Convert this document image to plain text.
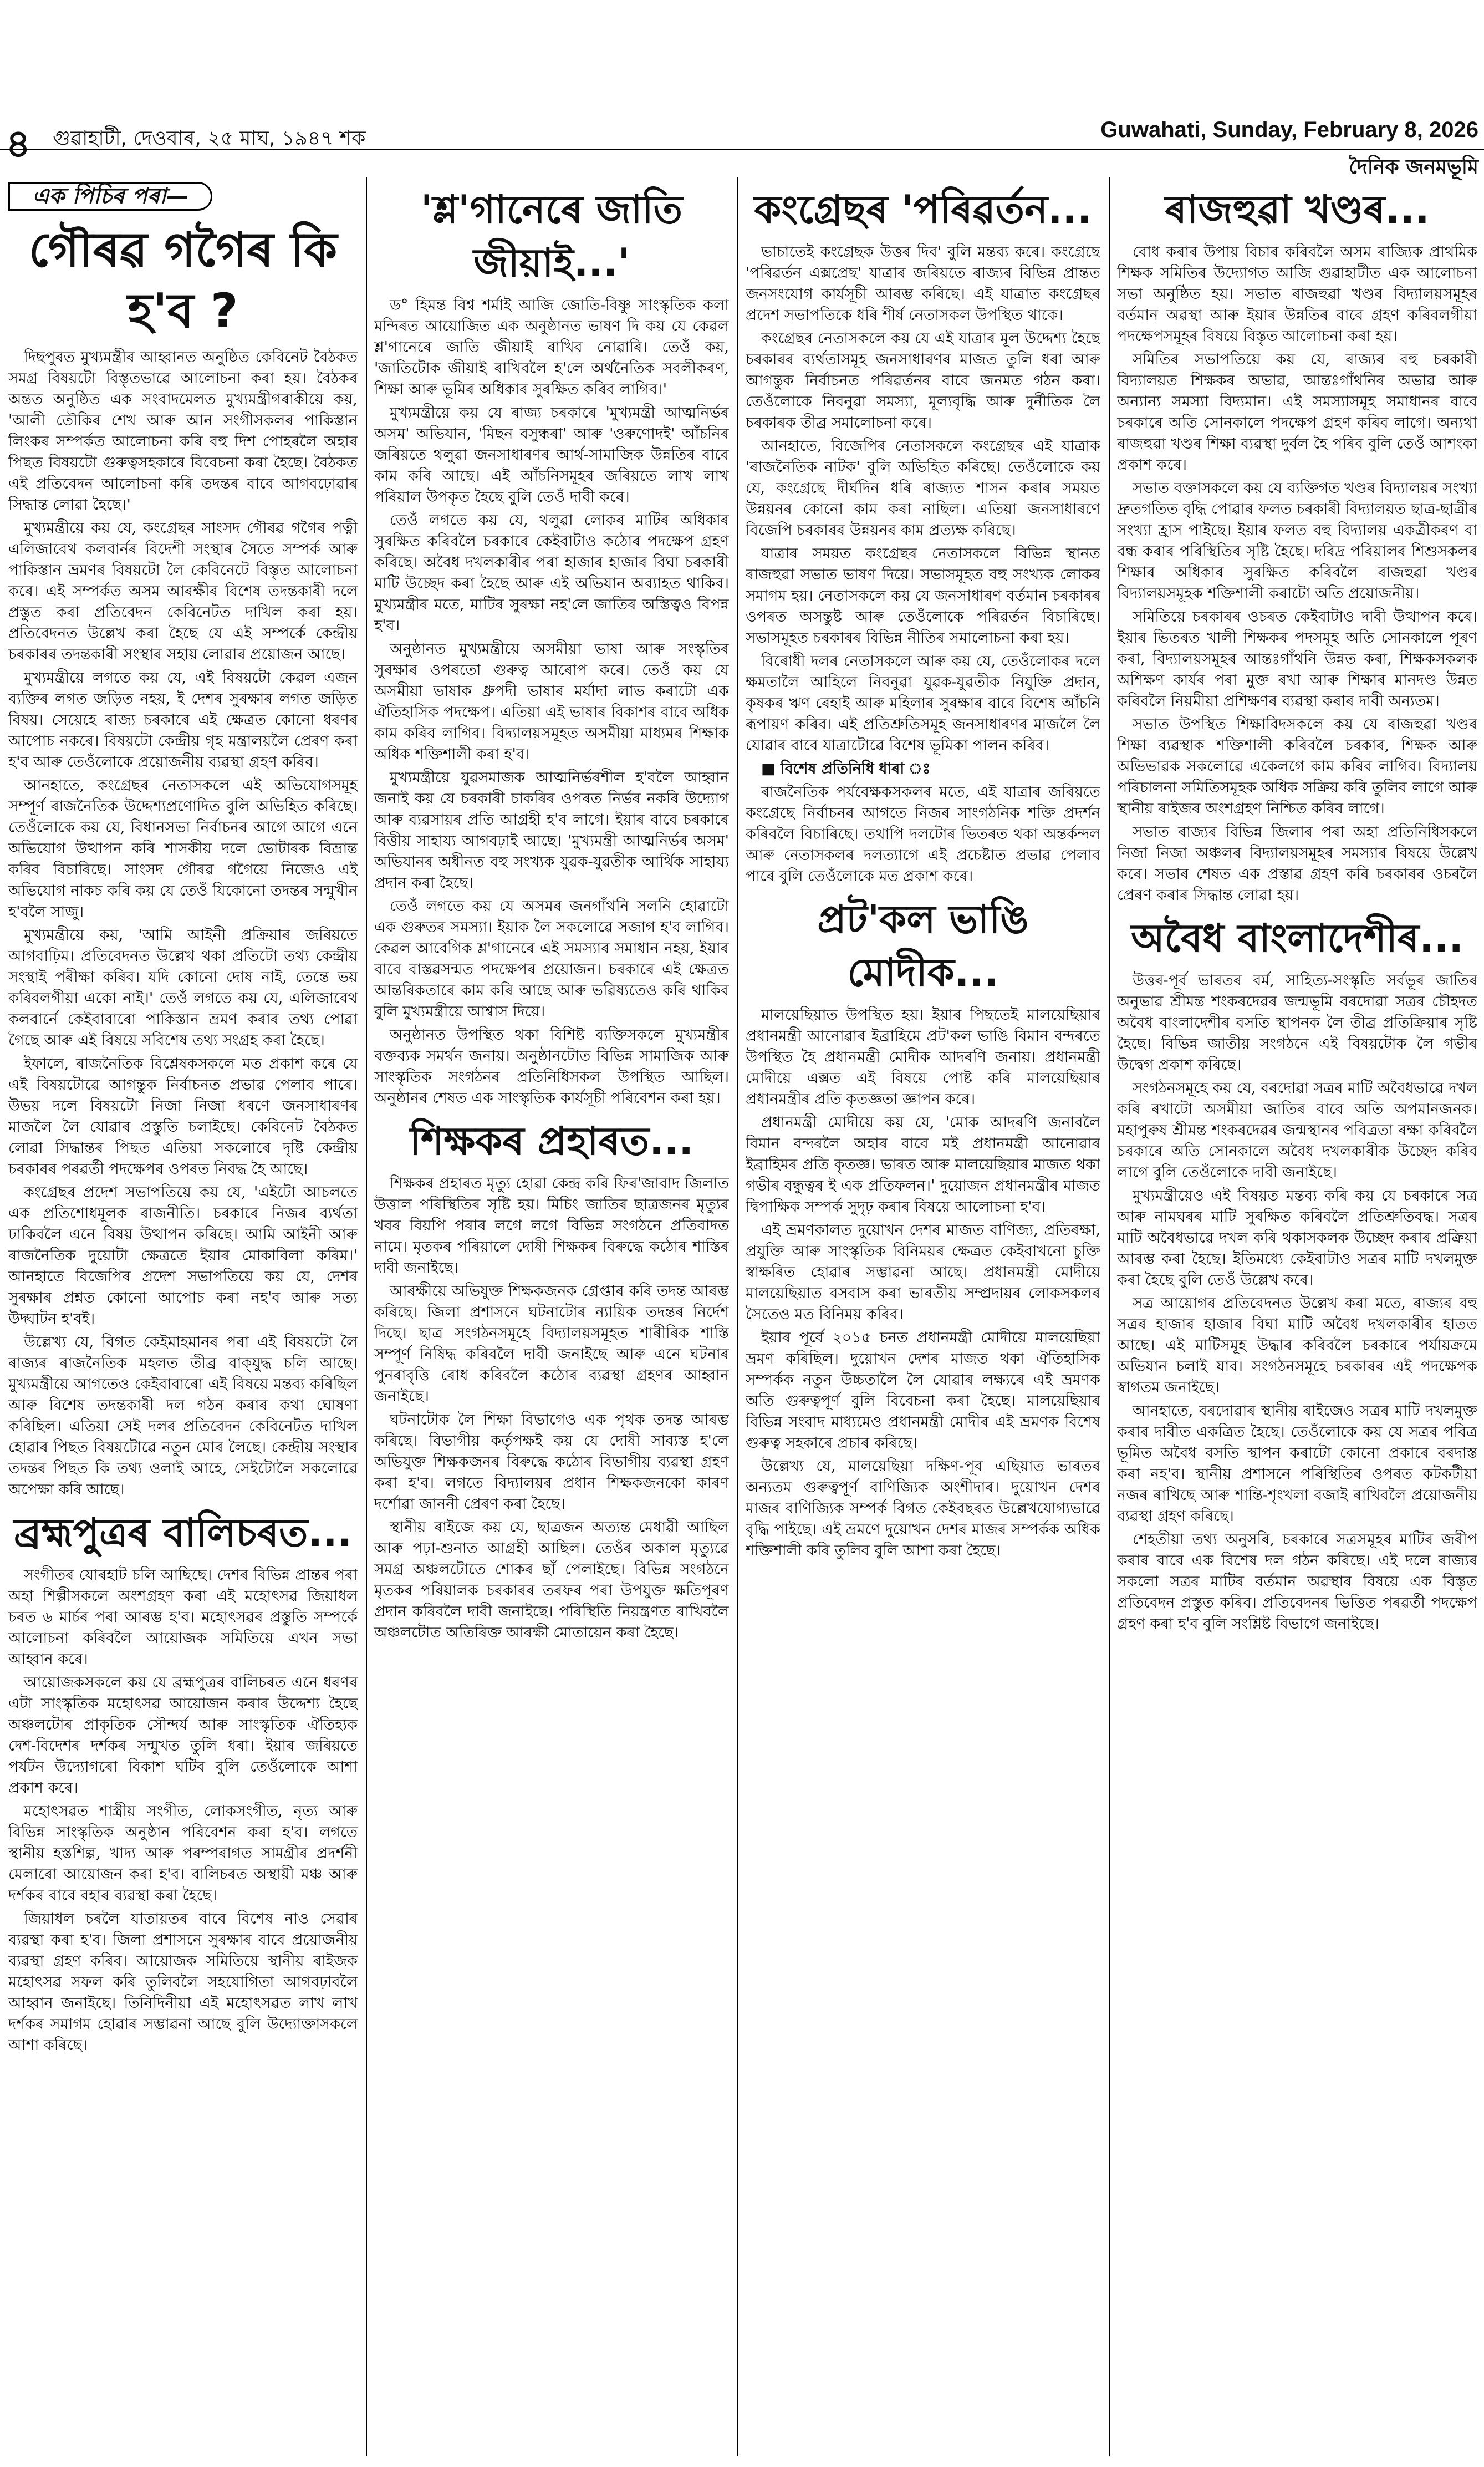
৪ গুৱাহাটী, দেওবাৰ, ২৫ মাঘ, ১৯৪৭ শক	Guwahati, Sunday, February 8, 2026
দৈনিক জনমভূমি
এক পিচিৰ পৰা—
গৌৰৱ গগৈৰ কি হ'ব ?

দিছপুৰত মুখ্যমন্ত্ৰীৰ আহ্বানত অনুষ্ঠিত কেবিনেট বৈঠকত সমগ্ৰ বিষয়টো বিস্তৃতভাৱে আলোচনা কৰা হয়। বৈঠকৰ অন্তত অনুষ্ঠিত এক সংবাদমেলত মুখ্যমন্ত্ৰীগৰাকীয়ে কয়, 'আলী তৌকিৰ শেখ আৰু আন সংগীসকলৰ পাকিস্তান লিংকৰ সম্পৰ্কত আলোচনা কৰি বহু দিশ পোহৰলৈ অহাৰ পিছত বিষয়টো গুৰুত্বসহকাৰে বিবেচনা কৰা হৈছে। বৈঠকত এই প্ৰতিবেদন আলোচনা কৰি তদন্তৰ বাবে আগবঢ়োৱাৰ সিদ্ধান্ত লোৱা হৈছে।'

মুখ্যমন্ত্ৰীয়ে কয় যে, কংগ্ৰেছৰ সাংসদ গৌৰৱ গগৈৰ পত্নী এলিজাবেথ কলবাৰ্নৰ বিদেশী সংস্থাৰ সৈতে সম্পৰ্ক আৰু পাকিস্তান ভ্ৰমণৰ বিষয়টো লৈ কেবিনেটে বিস্তৃত আলোচনা কৰে। এই সম্পৰ্কত অসম আৰক্ষীৰ বিশেষ তদন্তকাৰী দলে প্ৰস্তুত কৰা প্ৰতিবেদন কেবিনেটত দাখিল কৰা হয়। প্ৰতিবেদনত উল্লেখ কৰা হৈছে যে এই সম্পৰ্কে কেন্দ্ৰীয় চৰকাৰৰ তদন্তকাৰী সংস্থাৰ সহায় লোৱাৰ প্ৰয়োজন আছে।

মুখ্যমন্ত্ৰীয়ে লগতে কয় যে, এই বিষয়টো কেৱল এজন ব্যক্তিৰ লগত জড়িত নহয়, ই দেশৰ সুৰক্ষাৰ লগত জড়িত বিষয়। সেয়েহে ৰাজ্য চৰকাৰে এই ক্ষেত্ৰত কোনো ধৰণৰ আপোচ নকৰে। বিষয়টো কেন্দ্ৰীয় গৃহ মন্ত্ৰালয়লৈ প্ৰেৰণ কৰা হ'ব আৰু তেওঁলোকে প্ৰয়োজনীয় ব্যৱস্থা গ্ৰহণ কৰিব।

আনহাতে, কংগ্ৰেছৰ নেতাসকলে এই অভিযোগসমূহ সম্পূৰ্ণ ৰাজনৈতিক উদ্দেশ্যপ্ৰণোদিত বুলি অভিহিত কৰিছে। তেওঁলোকে কয় যে, বিধানসভা নিৰ্বাচনৰ আগে আগে এনে অভিযোগ উত্থাপন কৰি শাসকীয় দলে ভোটাৰক বিভ্ৰান্ত কৰিব বিচাৰিছে। সাংসদ গৌৰৱ গগৈয়ে নিজেও এই অভিযোগ নাকচ কৰি কয় যে তেওঁ যিকোনো তদন্তৰ সন্মুখীন হ'বলৈ সাজু।

মুখ্যমন্ত্ৰীয়ে কয়, 'আমি আইনী প্ৰক্ৰিয়াৰ জৰিয়তে আগবাঢ়িম। প্ৰতিবেদনত উল্লেখ থকা প্ৰতিটো তথ্য কেন্দ্ৰীয় সংস্থাই পৰীক্ষা কৰিব। যদি কোনো দোষ নাই, তেন্তে ভয় কৰিবলগীয়া একো নাই।' তেওঁ লগতে কয় যে, এলিজাবেথ কলবাৰ্নে কেইবাবাৰো পাকিস্তান ভ্ৰমণ কৰাৰ তথ্য পোৱা গৈছে আৰু এই বিষয়ে সবিশেষ তথ্য সংগ্ৰহ কৰা হৈছে।

ইফালে, ৰাজনৈতিক বিশ্লেষকসকলে মত প্ৰকাশ কৰে যে এই বিষয়টোৱে আগন্তুক নিৰ্বাচনত প্ৰভাৱ পেলাব পাৰে। উভয় দলে বিষয়টো নিজা নিজা ধৰণে জনসাধাৰণৰ মাজলৈ লৈ যোৱাৰ প্ৰস্তুতি চলাইছে। কেবিনেট বৈঠকত লোৱা সিদ্ধান্তৰ পিছত এতিয়া সকলোৰে দৃষ্টি কেন্দ্ৰীয় চৰকাৰৰ পৰৱৰ্তী পদক্ষেপৰ ওপৰত নিবদ্ধ হৈ আছে।

কংগ্ৰেছৰ প্ৰদেশ সভাপতিয়ে কয় যে, 'এইটো আচলতে এক প্ৰতিশোধমূলক ৰাজনীতি। চৰকাৰে নিজৰ ব্যৰ্থতা ঢাকিবলৈ এনে বিষয় উত্থাপন কৰিছে। আমি আইনী আৰু ৰাজনৈতিক দুয়োটা ক্ষেত্ৰতে ইয়াৰ মোকাবিলা কৰিম।' আনহাতে বিজেপিৰ প্ৰদেশ সভাপতিয়ে কয় যে, দেশৰ সুৰক্ষাৰ প্ৰশ্নত কোনো আপোচ কৰা নহ'ব আৰু সত্য উদ্ঘাটন হ'বই।

উল্লেখ্য যে, বিগত কেইমাহমানৰ পৰা এই বিষয়টো লৈ ৰাজ্যৰ ৰাজনৈতিক মহলত তীব্ৰ বাক্‌যুদ্ধ চলি আছে। মুখ্যমন্ত্ৰীয়ে আগতেও কেইবাবাৰো এই বিষয়ে মন্তব্য কৰিছিল আৰু বিশেষ তদন্তকাৰী দল গঠন কৰাৰ কথা ঘোষণা কৰিছিল। এতিয়া সেই দলৰ প্ৰতিবেদন কেবিনেটত দাখিল হোৱাৰ পিছত বিষয়টোৱে নতুন মোৰ লৈছে। কেন্দ্ৰীয় সংস্থাৰ তদন্তৰ পিছত কি তথ্য ওলাই আহে, সেইটোলৈ সকলোৱে অপেক্ষা কৰি আছে।

ব্ৰহ্মপুত্ৰৰ বালিচৰত...

সংগীতৰ যোৰহাট চলি আছিছে। দেশৰ বিভিন্ন প্ৰান্তৰ পৰা অহা শিল্পীসকলে অংশগ্ৰহণ কৰা এই মহোৎসৱ জিয়াধল চৰত ৬ মাৰ্চৰ পৰা আৰম্ভ হ'ব। মহোৎসৱৰ প্ৰস্তুতি সম্পৰ্কে আলোচনা কৰিবলৈ আয়োজক সমিতিয়ে এখন সভা আহ্বান কৰে।

আয়োজকসকলে কয় যে ব্ৰহ্মপুত্ৰৰ বালিচৰত এনে ধৰণৰ এটা সাংস্কৃতিক মহোৎসৱ আয়োজন কৰাৰ উদ্দেশ্য হৈছে অঞ্চলটোৰ প্ৰাকৃতিক সৌন্দৰ্য আৰু সাংস্কৃতিক ঐতিহ্যক দেশ-বিদেশৰ দৰ্শকৰ সন্মুখত তুলি ধৰা। ইয়াৰ জৰিয়তে পৰ্যটন উদ্যোগৰো বিকাশ ঘটিব বুলি তেওঁলোকে আশা প্ৰকাশ কৰে।

মহোৎসৱত শাস্ত্ৰীয় সংগীত, লোকসংগীত, নৃত্য আৰু বিভিন্ন সাংস্কৃতিক অনুষ্ঠান পৰিবেশন কৰা হ'ব। লগতে স্থানীয় হস্তশিল্প, খাদ্য আৰু পৰম্পৰাগত সামগ্ৰীৰ প্ৰদৰ্শনী মেলাৰো আয়োজন কৰা হ'ব। বালিচৰত অস্থায়ী মঞ্চ আৰু দৰ্শকৰ বাবে বহাৰ ব্যৱস্থা কৰা হৈছে।

জিয়াধল চৰলৈ যাতায়তৰ বাবে বিশেষ নাও সেৱাৰ ব্যৱস্থা কৰা হ'ব। জিলা প্ৰশাসনে সুৰক্ষাৰ বাবে প্ৰয়োজনীয় ব্যৱস্থা গ্ৰহণ কৰিব। আয়োজক সমিতিয়ে স্থানীয় ৰাইজক মহোৎসৱ সফল কৰি তুলিবলৈ সহযোগিতা আগবঢ়াবলৈ আহ্বান জনাইছে। তিনিদিনীয়া এই মহোৎসৱত লাখ লাখ দৰ্শকৰ সমাগম হোৱাৰ সম্ভাৱনা আছে বুলি উদ্যোক্তাসকলে আশা কৰিছে।

'শ্ল'গানেৰে জাতি জীয়াই...'

ড° হিমন্ত বিশ্ব শৰ্মাই আজি জোতি-বিষ্ণু সাংস্কৃতিক কলা মন্দিৰত আয়োজিত এক অনুষ্ঠানত ভাষণ দি কয় যে কেৱল শ্ল'গানেৰে জাতি জীয়াই ৰাখিব নোৱাৰি। তেওঁ কয়, 'জাতিটোক জীয়াই ৰাখিবলৈ হ'লে অৰ্থনৈতিক সবলীকৰণ, শিক্ষা আৰু ভূমিৰ অধিকাৰ সুৰক্ষিত কৰিব লাগিব।'

মুখ্যমন্ত্ৰীয়ে কয় যে ৰাজ্য চৰকাৰে 'মুখ্যমন্ত্ৰী আত্মনিৰ্ভৰ অসম' অভিযান, 'মিছন বসুন্ধৰা' আৰু 'ওৰুণোদই' আঁচনিৰ জৰিয়তে থলুৱা জনসাধাৰণৰ আৰ্থ-সামাজিক উন্নতিৰ বাবে কাম কৰি আছে। এই আঁচনিসমূহৰ জৰিয়তে লাখ লাখ পৰিয়াল উপকৃত হৈছে বুলি তেওঁ দাবী কৰে।

তেওঁ লগতে কয় যে, থলুৱা লোকৰ মাটিৰ অধিকাৰ সুৰক্ষিত কৰিবলৈ চৰকাৰে কেইবাটাও কঠোৰ পদক্ষেপ গ্ৰহণ কৰিছে। অবৈধ দখলকাৰীৰ পৰা হাজাৰ হাজাৰ বিঘা চৰকাৰী মাটি উচ্ছেদ কৰা হৈছে আৰু এই অভিযান অব্যাহত থাকিব। মুখ্যমন্ত্ৰীৰ মতে, মাটিৰ সুৰক্ষা নহ'লে জাতিৰ অস্তিত্বও বিপন্ন হ'ব।

অনুষ্ঠানত মুখ্যমন্ত্ৰীয়ে অসমীয়া ভাষা আৰু সংস্কৃতিৰ সুৰক্ষাৰ ওপৰতো গুৰুত্ব আৰোপ কৰে। তেওঁ কয় যে অসমীয়া ভাষাক ধ্ৰুপদী ভাষাৰ মৰ্যাদা লাভ কৰাটো এক ঐতিহাসিক পদক্ষেপ। এতিয়া এই ভাষাৰ বিকাশৰ বাবে অধিক কাম কৰিব লাগিব। বিদ্যালয়সমূহত অসমীয়া মাধ্যমৰ শিক্ষাক অধিক শক্তিশালী কৰা হ'ব।

মুখ্যমন্ত্ৰীয়ে যুৱসমাজক আত্মনিৰ্ভৰশীল হ'বলৈ আহ্বান জনাই কয় যে চৰকাৰী চাকৰিৰ ওপৰত নিৰ্ভৰ নকৰি উদ্যোগ আৰু ব্যৱসায়ৰ প্ৰতি আগ্ৰহী হ'ব লাগে। ইয়াৰ বাবে চৰকাৰে বিত্তীয় সাহায্য আগবঢ়াই আছে। 'মুখ্যমন্ত্ৰী আত্মনিৰ্ভৰ অসম' অভিযানৰ অধীনত বহু সংখ্যক যুৱক-যুৱতীক আৰ্থিক সাহায্য প্ৰদান কৰা হৈছে।

তেওঁ লগতে কয় যে অসমৰ জনগাঁথনি সলনি হোৱাটো এক গুৰুতৰ সমস্যা। ইয়াক লৈ সকলোৱে সজাগ হ'ব লাগিব। কেৱল আবেগিক শ্ল'গানেৰে এই সমস্যাৰ সমাধান নহয়, ইয়াৰ বাবে বাস্তৱসন্মত পদক্ষেপৰ প্ৰয়োজন। চৰকাৰে এই ক্ষেত্ৰত আন্তৰিকতাৰে কাম কৰি আছে আৰু ভৱিষ্যতেও কৰি থাকিব বুলি মুখ্যমন্ত্ৰীয়ে আশ্বাস দিয়ে।

অনুষ্ঠানত উপস্থিত থকা বিশিষ্ট ব্যক্তিসকলে মুখ্যমন্ত্ৰীৰ বক্তব্যক সমৰ্থন জনায়। অনুষ্ঠানটোত বিভিন্ন সামাজিক আৰু সাংস্কৃতিক সংগঠনৰ প্ৰতিনিধিসকল উপস্থিত আছিল। অনুষ্ঠানৰ শেষত এক সাংস্কৃতিক কাৰ্যসূচী পৰিবেশন কৰা হয়।

শিক্ষকৰ প্ৰহাৰত...

শিক্ষকৰ প্ৰহাৰত মৃত্যু হোৱা কেন্দ্ৰ কৰি ফিৰ'জাবাদ জিলাত উত্তাল পৰিস্থিতিৰ সৃষ্টি হয়। মিচিং জাতিৰ ছাত্ৰজনৰ মৃত্যুৰ খবৰ বিয়পি পৰাৰ লগে লগে বিভিন্ন সংগঠনে প্ৰতিবাদত নামে। মৃতকৰ পৰিয়ালে দোষী শিক্ষকৰ বিৰুদ্ধে কঠোৰ শাস্তিৰ দাবী জনাইছে।

আৰক্ষীয়ে অভিযুক্ত শিক্ষকজনক গ্ৰেপ্তাৰ কৰি তদন্ত আৰম্ভ কৰিছে। জিলা প্ৰশাসনে ঘটনাটোৰ ন্যায়িক তদন্তৰ নিৰ্দেশ দিছে। ছাত্ৰ সংগঠনসমূহে বিদ্যালয়সমূহত শাৰীৰিক শাস্তি সম্পূৰ্ণ নিষিদ্ধ কৰিবলৈ দাবী জনাইছে আৰু এনে ঘটনাৰ পুনৰাবৃত্তি ৰোধ কৰিবলৈ কঠোৰ ব্যৱস্থা গ্ৰহণৰ আহ্বান জনাইছে।

ঘটনাটোক লৈ শিক্ষা বিভাগেও এক পৃথক তদন্ত আৰম্ভ কৰিছে। বিভাগীয় কৰ্তৃপক্ষই কয় যে দোষী সাব্যস্ত হ'লে অভিযুক্ত শিক্ষকজনৰ বিৰুদ্ধে কঠোৰ বিভাগীয় ব্যৱস্থা গ্ৰহণ কৰা হ'ব। লগতে বিদ্যালয়ৰ প্ৰধান শিক্ষকজনকো কাৰণ দৰ্শোৱা জাননী প্ৰেৰণ কৰা হৈছে।

স্থানীয় ৰাইজে কয় যে, ছাত্ৰজন অত্যন্ত মেধাৱী আছিল আৰু পঢ়া-শুনাত আগ্ৰহী আছিল। তেওঁৰ অকাল মৃত্যুৱে সমগ্ৰ অঞ্চলটোতে শোকৰ ছাঁ পেলাইছে। বিভিন্ন সংগঠনে মৃতকৰ পৰিয়ালক চৰকাৰৰ তৰফৰ পৰা উপযুক্ত ক্ষতিপূৰণ প্ৰদান কৰিবলৈ দাবী জনাইছে। পৰিস্থিতি নিয়ন্ত্ৰণত ৰাখিবলৈ অঞ্চলটোত অতিৰিক্ত আৰক্ষী মোতায়েন কৰা হৈছে।

কংগ্ৰেছৰ 'পৰিৱৰ্তন...

ভাচাতেই কংগ্ৰেছক উত্তৰ দিব' বুলি মন্তব্য কৰে। কংগ্ৰেছে 'পৰিৱৰ্তন এক্সপ্ৰেছ' যাত্ৰাৰ জৰিয়তে ৰাজ্যৰ বিভিন্ন প্ৰান্তত জনসংযোগ কাৰ্যসূচী আৰম্ভ কৰিছে। এই যাত্ৰাত কংগ্ৰেছৰ প্ৰদেশ সভাপতিকে ধৰি শীৰ্ষ নেতাসকল উপস্থিত থাকে।

কংগ্ৰেছৰ নেতাসকলে কয় যে এই যাত্ৰাৰ মূল উদ্দেশ্য হৈছে চৰকাৰৰ ব্যৰ্থতাসমূহ জনসাধাৰণৰ মাজত তুলি ধৰা আৰু আগন্তুক নিৰ্বাচনত পৰিৱৰ্তনৰ বাবে জনমত গঠন কৰা। তেওঁলোকে নিবনুৱা সমস্যা, মূল্যবৃদ্ধি আৰু দুৰ্নীতিক লৈ চৰকাৰক তীব্ৰ সমালোচনা কৰে।

আনহাতে, বিজেপিৰ নেতাসকলে কংগ্ৰেছৰ এই যাত্ৰাক 'ৰাজনৈতিক নাটক' বুলি অভিহিত কৰিছে। তেওঁলোকে কয় যে, কংগ্ৰেছে দীৰ্ঘদিন ধৰি ৰাজ্যত শাসন কৰাৰ সময়ত উন্নয়নৰ কোনো কাম কৰা নাছিল। এতিয়া জনসাধাৰণে বিজেপি চৰকাৰৰ উন্নয়নৰ কাম প্ৰত্যক্ষ কৰিছে।

যাত্ৰাৰ সময়ত কংগ্ৰেছৰ নেতাসকলে বিভিন্ন স্থানত ৰাজহুৱা সভাত ভাষণ দিয়ে। সভাসমূহত বহু সংখ্যক লোকৰ সমাগম হয়। নেতাসকলে কয় যে জনসাধাৰণ বৰ্তমান চৰকাৰৰ ওপৰত অসন্তুষ্ট আৰু তেওঁলোকে পৰিৱৰ্তন বিচাৰিছে। সভাসমূহত চৰকাৰৰ বিভিন্ন নীতিৰ সমালোচনা কৰা হয়।

বিৰোধী দলৰ নেতাসকলে আৰু কয় যে, তেওঁলোকৰ দলে ক্ষমতালৈ আহিলে নিবনুৱা যুৱক-যুৱতীক নিযুক্তি প্ৰদান, কৃষকৰ ঋণ ৰেহাই আৰু মহিলাৰ সুৰক্ষাৰ বাবে বিশেষ আঁচনি ৰূপায়ণ কৰিব। এই প্ৰতিশ্ৰুতিসমূহ জনসাধাৰণৰ মাজলৈ লৈ যোৱাৰ বাবে যাত্ৰাটোৱে বিশেষ ভূমিকা পালন কৰিব।

■ বিশেষ প্ৰতিনিধি ধাৰা ঃ

ৰাজনৈতিক পৰ্যবেক্ষকসকলৰ মতে, এই যাত্ৰাৰ জৰিয়তে কংগ্ৰেছে নিৰ্বাচনৰ আগতে নিজৰ সাংগঠনিক শক্তি প্ৰদৰ্শন কৰিবলৈ বিচাৰিছে। তথাপি দলটোৰ ভিতৰত থকা অন্তৰ্কন্দল আৰু নেতাসকলৰ দলত্যাগে এই প্ৰচেষ্টাত প্ৰভাৱ পেলাব পাৰে বুলি তেওঁলোকে মত প্ৰকাশ কৰে।

প্ৰট'কল ভাঙি মোদীক...

মালয়েছিয়াত উপস্থিত হয়। ইয়াৰ পিছতেই মালয়েছিয়াৰ প্ৰধানমন্ত্ৰী আনোৱাৰ ইব্ৰাহিমে প্ৰট'কল ভাঙি বিমান বন্দৰতে উপস্থিত হৈ প্ৰধানমন্ত্ৰী মোদীক আদৰণি জনায়। প্ৰধানমন্ত্ৰী মোদীয়ে এক্সত এই বিষয়ে পোষ্ট কৰি মালয়েছিয়াৰ প্ৰধানমন্ত্ৰীৰ প্ৰতি কৃতজ্ঞতা জ্ঞাপন কৰে।

প্ৰধানমন্ত্ৰী মোদীয়ে কয় যে, 'মোক আদৰণি জনাবলৈ বিমান বন্দৰলৈ অহাৰ বাবে মই প্ৰধানমন্ত্ৰী আনোৱাৰ ইব্ৰাহিমৰ প্ৰতি কৃতজ্ঞ। ভাৰত আৰু মালয়েছিয়াৰ মাজত থকা গভীৰ বন্ধুত্বৰ ই এক প্ৰতিফলন।' দুয়োজন প্ৰধানমন্ত্ৰীৰ মাজত দ্বিপাক্ষিক সম্পৰ্ক সুদৃঢ় কৰাৰ বিষয়ে আলোচনা হ'ব।

এই ভ্ৰমণকালত দুয়োখন দেশৰ মাজত বাণিজ্য, প্ৰতিৰক্ষা, প্ৰযুক্তি আৰু সাংস্কৃতিক বিনিময়ৰ ক্ষেত্ৰত কেইবাখনো চুক্তি স্বাক্ষৰিত হোৱাৰ সম্ভাৱনা আছে। প্ৰধানমন্ত্ৰী মোদীয়ে মালয়েছিয়াত বসবাস কৰা ভাৰতীয় সম্প্ৰদায়ৰ লোকসকলৰ সৈতেও মত বিনিময় কৰিব।

ইয়াৰ পূৰ্বে ২০১৫ চনত প্ৰধানমন্ত্ৰী মোদীয়ে মালয়েছিয়া ভ্ৰমণ কৰিছিল। দুয়োখন দেশৰ মাজত থকা ঐতিহাসিক সম্পৰ্কক নতুন উচ্চতালৈ লৈ যোৱাৰ লক্ষ্যৰে এই ভ্ৰমণক অতি গুৰুত্বপূৰ্ণ বুলি বিবেচনা কৰা হৈছে। মালয়েছিয়াৰ বিভিন্ন সংবাদ মাধ্যমেও প্ৰধানমন্ত্ৰী মোদীৰ এই ভ্ৰমণক বিশেষ গুৰুত্ব সহকাৰে প্ৰচাৰ কৰিছে।

উল্লেখ্য যে, মালয়েছিয়া দক্ষিণ-পূব এছিয়াত ভাৰতৰ অন্যতম গুৰুত্বপূৰ্ণ বাণিজ্যিক অংশীদাৰ। দুয়োখন দেশৰ মাজৰ বাণিজ্যিক সম্পৰ্ক বিগত কেইবছৰত উল্লেখযোগ্যভাৱে বৃদ্ধি পাইছে। এই ভ্ৰমণে দুয়োখন দেশৰ মাজৰ সম্পৰ্কক অধিক শক্তিশালী কৰি তুলিব বুলি আশা কৰা হৈছে।

ৰাজহুৱা খণ্ডৰ...

বোধ কৰাৰ উপায় বিচাৰ কৰিবলৈ অসম ৰাজ্যিক প্ৰাথমিক শিক্ষক সমিতিৰ উদ্যোগত আজি গুৱাহাটীত এক আলোচনা সভা অনুষ্ঠিত হয়। সভাত ৰাজহুৱা খণ্ডৰ বিদ্যালয়সমূহৰ বৰ্তমান অৱস্থা আৰু ইয়াৰ উন্নতিৰ বাবে গ্ৰহণ কৰিবলগীয়া পদক্ষেপসমূহৰ বিষয়ে বিস্তৃত আলোচনা কৰা হয়।

সমিতিৰ সভাপতিয়ে কয় যে, ৰাজ্যৰ বহু চৰকাৰী বিদ্যালয়ত শিক্ষকৰ অভাৱ, আন্তঃগাঁথনিৰ অভাৱ আৰু অন্যান্য সমস্যা বিদ্যমান। এই সমস্যাসমূহ সমাধানৰ বাবে চৰকাৰে অতি সোনকালে পদক্ষেপ গ্ৰহণ কৰিব লাগে। অন্যথা ৰাজহুৱা খণ্ডৰ শিক্ষা ব্যৱস্থা দুৰ্বল হৈ পৰিব বুলি তেওঁ আশংকা প্ৰকাশ কৰে।

সভাত বক্তাসকলে কয় যে ব্যক্তিগত খণ্ডৰ বিদ্যালয়ৰ সংখ্যা দ্ৰুতগতিত বৃদ্ধি পোৱাৰ ফলত চৰকাৰী বিদ্যালয়ত ছাত্ৰ-ছাত্ৰীৰ সংখ্যা হ্ৰাস পাইছে। ইয়াৰ ফলত বহু বিদ্যালয় একত্ৰীকৰণ বা বন্ধ কৰাৰ পৰিস্থিতিৰ সৃষ্টি হৈছে। দৰিদ্ৰ পৰিয়ালৰ শিশুসকলৰ শিক্ষাৰ অধিকাৰ সুৰক্ষিত কৰিবলৈ ৰাজহুৱা খণ্ডৰ বিদ্যালয়সমূহক শক্তিশালী কৰাটো অতি প্ৰয়োজনীয়।

সমিতিয়ে চৰকাৰৰ ওচৰত কেইবাটাও দাবী উত্থাপন কৰে। ইয়াৰ ভিতৰত খালী শিক্ষকৰ পদসমূহ অতি সোনকালে পূৰণ কৰা, বিদ্যালয়সমূহৰ আন্তঃগাঁথনি উন্নত কৰা, শিক্ষকসকলক অশিক্ষণ কাৰ্যৰ পৰা মুক্ত ৰখা আৰু শিক্ষাৰ মানদণ্ড উন্নত কৰিবলৈ নিয়মীয়া প্ৰশিক্ষণৰ ব্যৱস্থা কৰাৰ দাবী অন্যতম।

সভাত উপস্থিত শিক্ষাবিদসকলে কয় যে ৰাজহুৱা খণ্ডৰ শিক্ষা ব্যৱস্থাক শক্তিশালী কৰিবলৈ চৰকাৰ, শিক্ষক আৰু অভিভাৱক সকলোৱে একেলগে কাম কৰিব লাগিব। বিদ্যালয় পৰিচালনা সমিতিসমূহক অধিক সক্ৰিয় কৰি তুলিব লাগে আৰু স্থানীয় ৰাইজৰ অংশগ্ৰহণ নিশ্চিত কৰিব লাগে।

সভাত ৰাজ্যৰ বিভিন্ন জিলাৰ পৰা অহা প্ৰতিনিধিসকলে নিজা নিজা অঞ্চলৰ বিদ্যালয়সমূহৰ সমস্যাৰ বিষয়ে উল্লেখ কৰে। সভাৰ শেষত এক প্ৰস্তাৱ গ্ৰহণ কৰি চৰকাৰৰ ওচৰলৈ প্ৰেৰণ কৰাৰ সিদ্ধান্ত লোৱা হয়।

অবৈধ বাংলাদেশীৰ...

উত্তৰ-পূৰ্ব ভাৰতৰ বৰ্ম, সাহিত্য-সংস্কৃতি সৰ্বভূৰ জাতিৰ অনুভাৱ শ্ৰীমন্ত শংকৰদেৱৰ জন্মভূমি বৰদোৱা সত্ৰৰ চৌহদত অবৈধ বাংলাদেশীৰ বসতি স্থাপনক লৈ তীব্ৰ প্ৰতিক্ৰিয়াৰ সৃষ্টি হৈছে। বিভিন্ন জাতীয় সংগঠনে এই বিষয়টোক লৈ গভীৰ উদ্বেগ প্ৰকাশ কৰিছে।

সংগঠনসমূহে কয় যে, বৰদোৱা সত্ৰৰ মাটি অবৈধভাৱে দখল কৰি ৰখাটো অসমীয়া জাতিৰ বাবে অতি অপমানজনক। মহাপুৰুষ শ্ৰীমন্ত শংকৰদেৱৰ জন্মস্থানৰ পবিত্ৰতা ৰক্ষা কৰিবলৈ চৰকাৰে অতি সোনকালে অবৈধ দখলকাৰীক উচ্ছেদ কৰিব লাগে বুলি তেওঁলোকে দাবী জনাইছে।

মুখ্যমন্ত্ৰীয়েও এই বিষয়ত মন্তব্য কৰি কয় যে চৰকাৰে সত্ৰ আৰু নামঘৰৰ মাটি সুৰক্ষিত কৰিবলৈ প্ৰতিশ্ৰুতিবদ্ধ। সত্ৰৰ মাটি অবৈধভাৱে দখল কৰি থকাসকলক উচ্ছেদ কৰাৰ প্ৰক্ৰিয়া আৰম্ভ কৰা হৈছে। ইতিমধ্যে কেইবাটাও সত্ৰৰ মাটি দখলমুক্ত কৰা হৈছে বুলি তেওঁ উল্লেখ কৰে।

সত্ৰ আয়োগৰ প্ৰতিবেদনত উল্লেখ কৰা মতে, ৰাজ্যৰ বহু সত্ৰৰ হাজাৰ হাজাৰ বিঘা মাটি অবৈধ দখলকাৰীৰ হাতত আছে। এই মাটিসমূহ উদ্ধাৰ কৰিবলৈ চৰকাৰে পৰ্যায়ক্ৰমে অভিযান চলাই যাব। সংগঠনসমূহে চৰকাৰৰ এই পদক্ষেপক স্বাগতম জনাইছে।

আনহাতে, বৰদোৱাৰ স্থানীয় ৰাইজেও সত্ৰৰ মাটি দখলমুক্ত কৰাৰ দাবীত একত্ৰিত হৈছে। তেওঁলোকে কয় যে সত্ৰৰ পবিত্ৰ ভূমিত অবৈধ বসতি স্থাপন কৰাটো কোনো প্ৰকাৰে বৰদাস্ত কৰা নহ'ব। স্থানীয় প্ৰশাসনে পৰিস্থিতিৰ ওপৰত কটকটীয়া নজৰ ৰাখিছে আৰু শান্তি-শৃংখলা বজাই ৰাখিবলৈ প্ৰয়োজনীয় ব্যৱস্থা গ্ৰহণ কৰিছে।

শেহতীয়া তথ্য অনুসৰি, চৰকাৰে সত্ৰসমূহৰ মাটিৰ জৰীপ কৰাৰ বাবে এক বিশেষ দল গঠন কৰিছে। এই দলে ৰাজ্যৰ সকলো সত্ৰৰ মাটিৰ বৰ্তমান অৱস্থাৰ বিষয়ে এক বিস্তৃত প্ৰতিবেদন প্ৰস্তুত কৰিব। প্ৰতিবেদনৰ ভিত্তিত পৰৱৰ্তী পদক্ষেপ গ্ৰহণ কৰা হ'ব বুলি সংশ্লিষ্ট বিভাগে জনাইছে।
